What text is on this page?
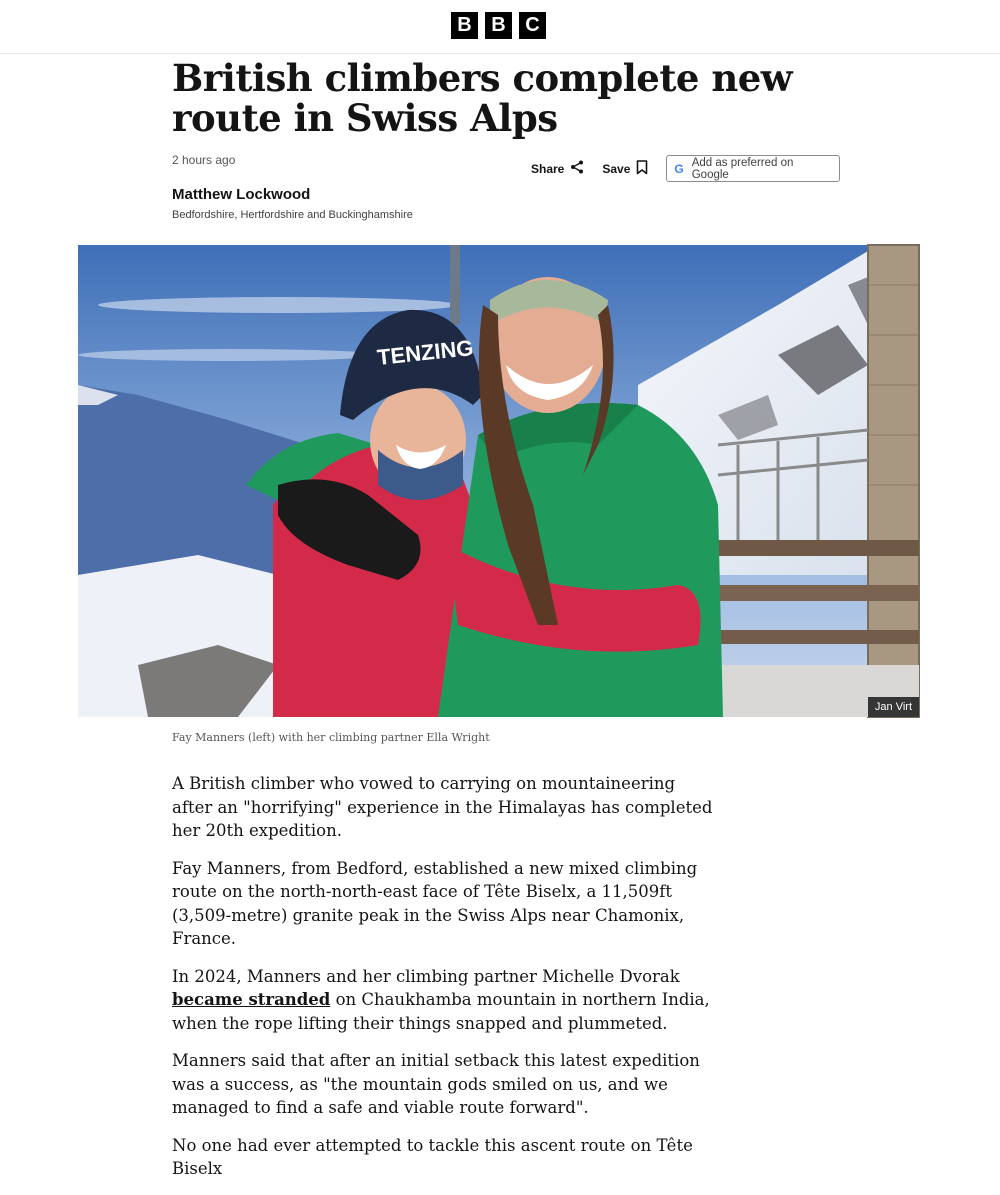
B B C
British climbers complete new route in Swiss Alps
2 hours ago
Share	Save	G Add as preferred on Google
Matthew Lockwood
Bedfordshire, Hertfordshire and Buckinghamshire
TENZING
Jan Virt
Fay Manners (left) with her climbing partner Ella Wright

A British climber who vowed to carrying on mountaineering after an "horrifying" experience in the Himalayas has completed her 20th expedition.

Fay Manners, from Bedford, established a new mixed climbing route on the north-north-east face of Tête Biselx, a 11,509ft (3,509-metre) granite peak in the Swiss Alps near Chamonix, France.

In 2024, Manners and her climbing partner Michelle Dvorak became stranded on Chaukhamba mountain in northern India, when the rope lifting their things snapped and plummeted.

Manners said that after an initial setback this latest expedition was a success, as "the mountain gods smiled on us, and we managed to find a safe and viable route forward".

No one had ever attempted to tackle this ascent route on Tête Biselx
